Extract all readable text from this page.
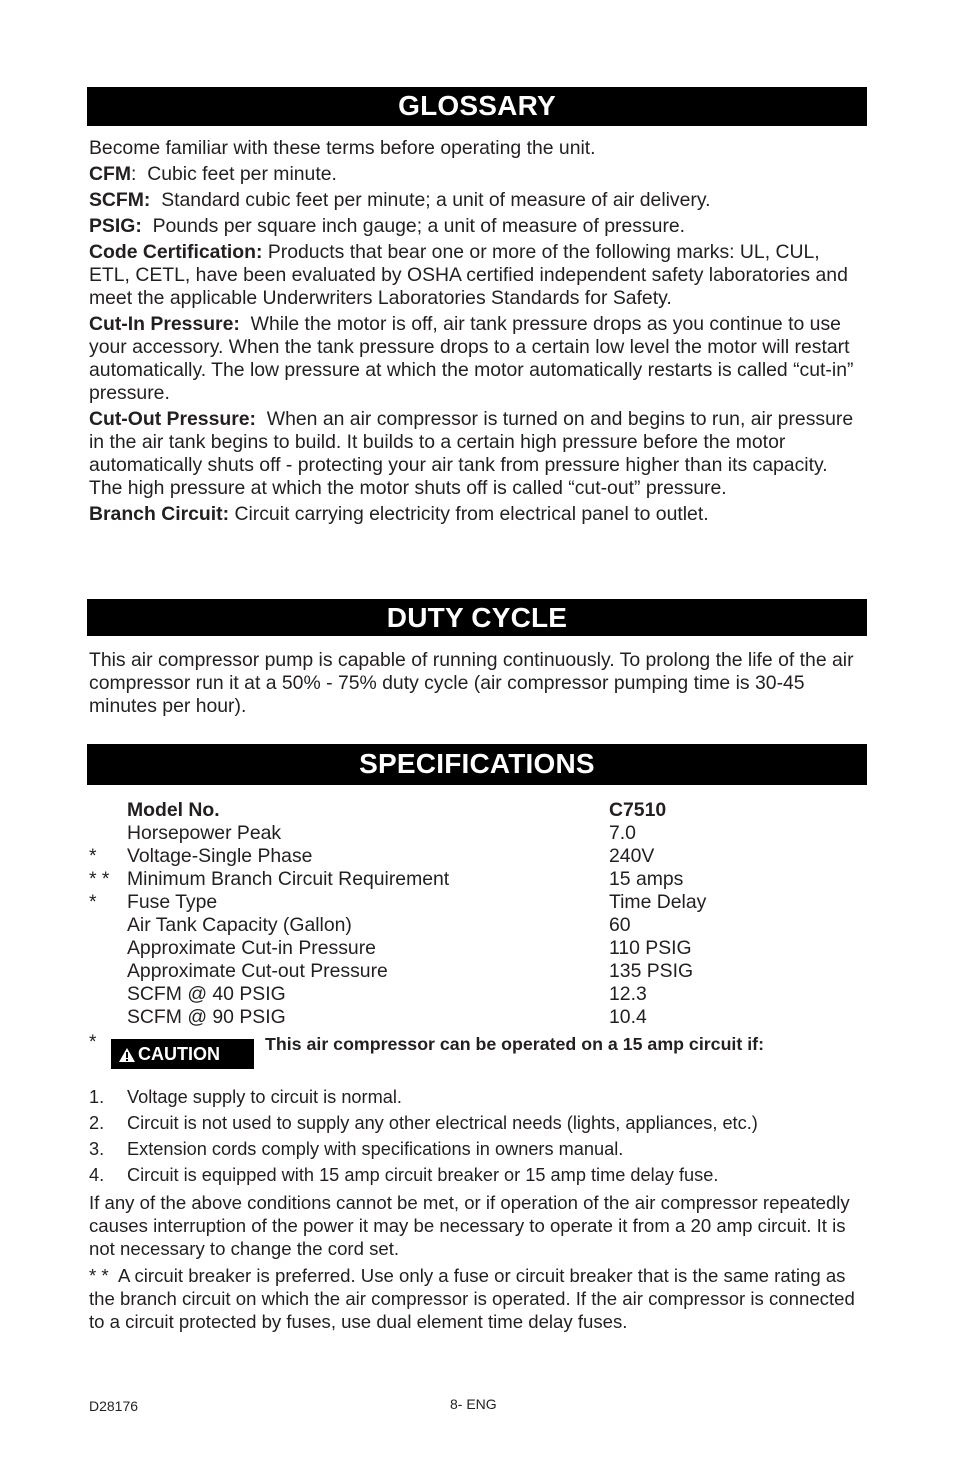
GLOSSARY

Become familiar with these terms before operating the unit.

CFM:  Cubic feet per minute.

SCFM: Standard cubic feet per minute; a unit of measure of air delivery.

PSIG: Pounds per square inch gauge; a unit of measure of pressure.

Code Certification: Products that bear one or more of the following marks: UL, CUL, ETL, CETL, have been evaluated by OSHA certified independent safety laboratories and meet the applicable Underwriters Laboratories Standards for Safety.

Cut-In Pressure: While the motor is off, air tank pressure drops as you continue to use your accessory. When the tank pressure drops to a certain low level the motor will restart automatically. The low pressure at which the motor automatically restarts is called “cut-in” pressure.

Cut-Out Pressure: When an air compressor is turned on and begins to run, air pressure in the air tank begins to build. It builds to a certain high pressure before the motor automatically shuts off - protecting your air tank from pressure higher than its capacity. The high pressure at which the motor shuts off is called “cut-out” pressure.

Branch Circuit: Circuit carrying electricity from electrical panel to outlet.

DUTY CYCLE
This air compressor pump is capable of running continuously. To prolong the life of the air compressor run it at a 50% - 75% duty cycle (air compressor pumping time is 30-45 minutes per hour).
SPECIFICATIONS
Model No.	C7510
Horsepower Peak	7.0
*	Voltage-Single Phase	240V
* * Minimum Branch Circuit Requirement	15 amps
*	Fuse Type	Time Delay
Air Tank Capacity (Gallon)	60
Approximate Cut-in Pressure	110 PSIG
Approximate Cut-out Pressure	135 PSIG
SCFM @ 40 PSIG	12.3
SCFM @ 90 PSIG	10.4
*
CAUTION	This air compressor can be operated on a 15 amp circuit if:
1. Voltage supply to circuit is normal.
2. Circuit is not used to supply any other electrical needs (lights, appliances, etc.)
3. Extension cords comply with specifications in owners manual.
4. Circuit is equipped with 15 amp circuit breaker or 15 amp time delay fuse.
If any of the above conditions cannot be met, or if operation of the air compressor repeatedly causes interruption of the power it may be necessary to operate it from a 20 amp circuit. It is not necessary to change the cord set.
* *  A circuit breaker is preferred. Use only a fuse or circuit breaker that is the same rating as the branch circuit on which the air compressor is operated. If the air compressor is connected to a circuit protected by fuses, use dual element time delay fuses.
D28176	8- ENG
